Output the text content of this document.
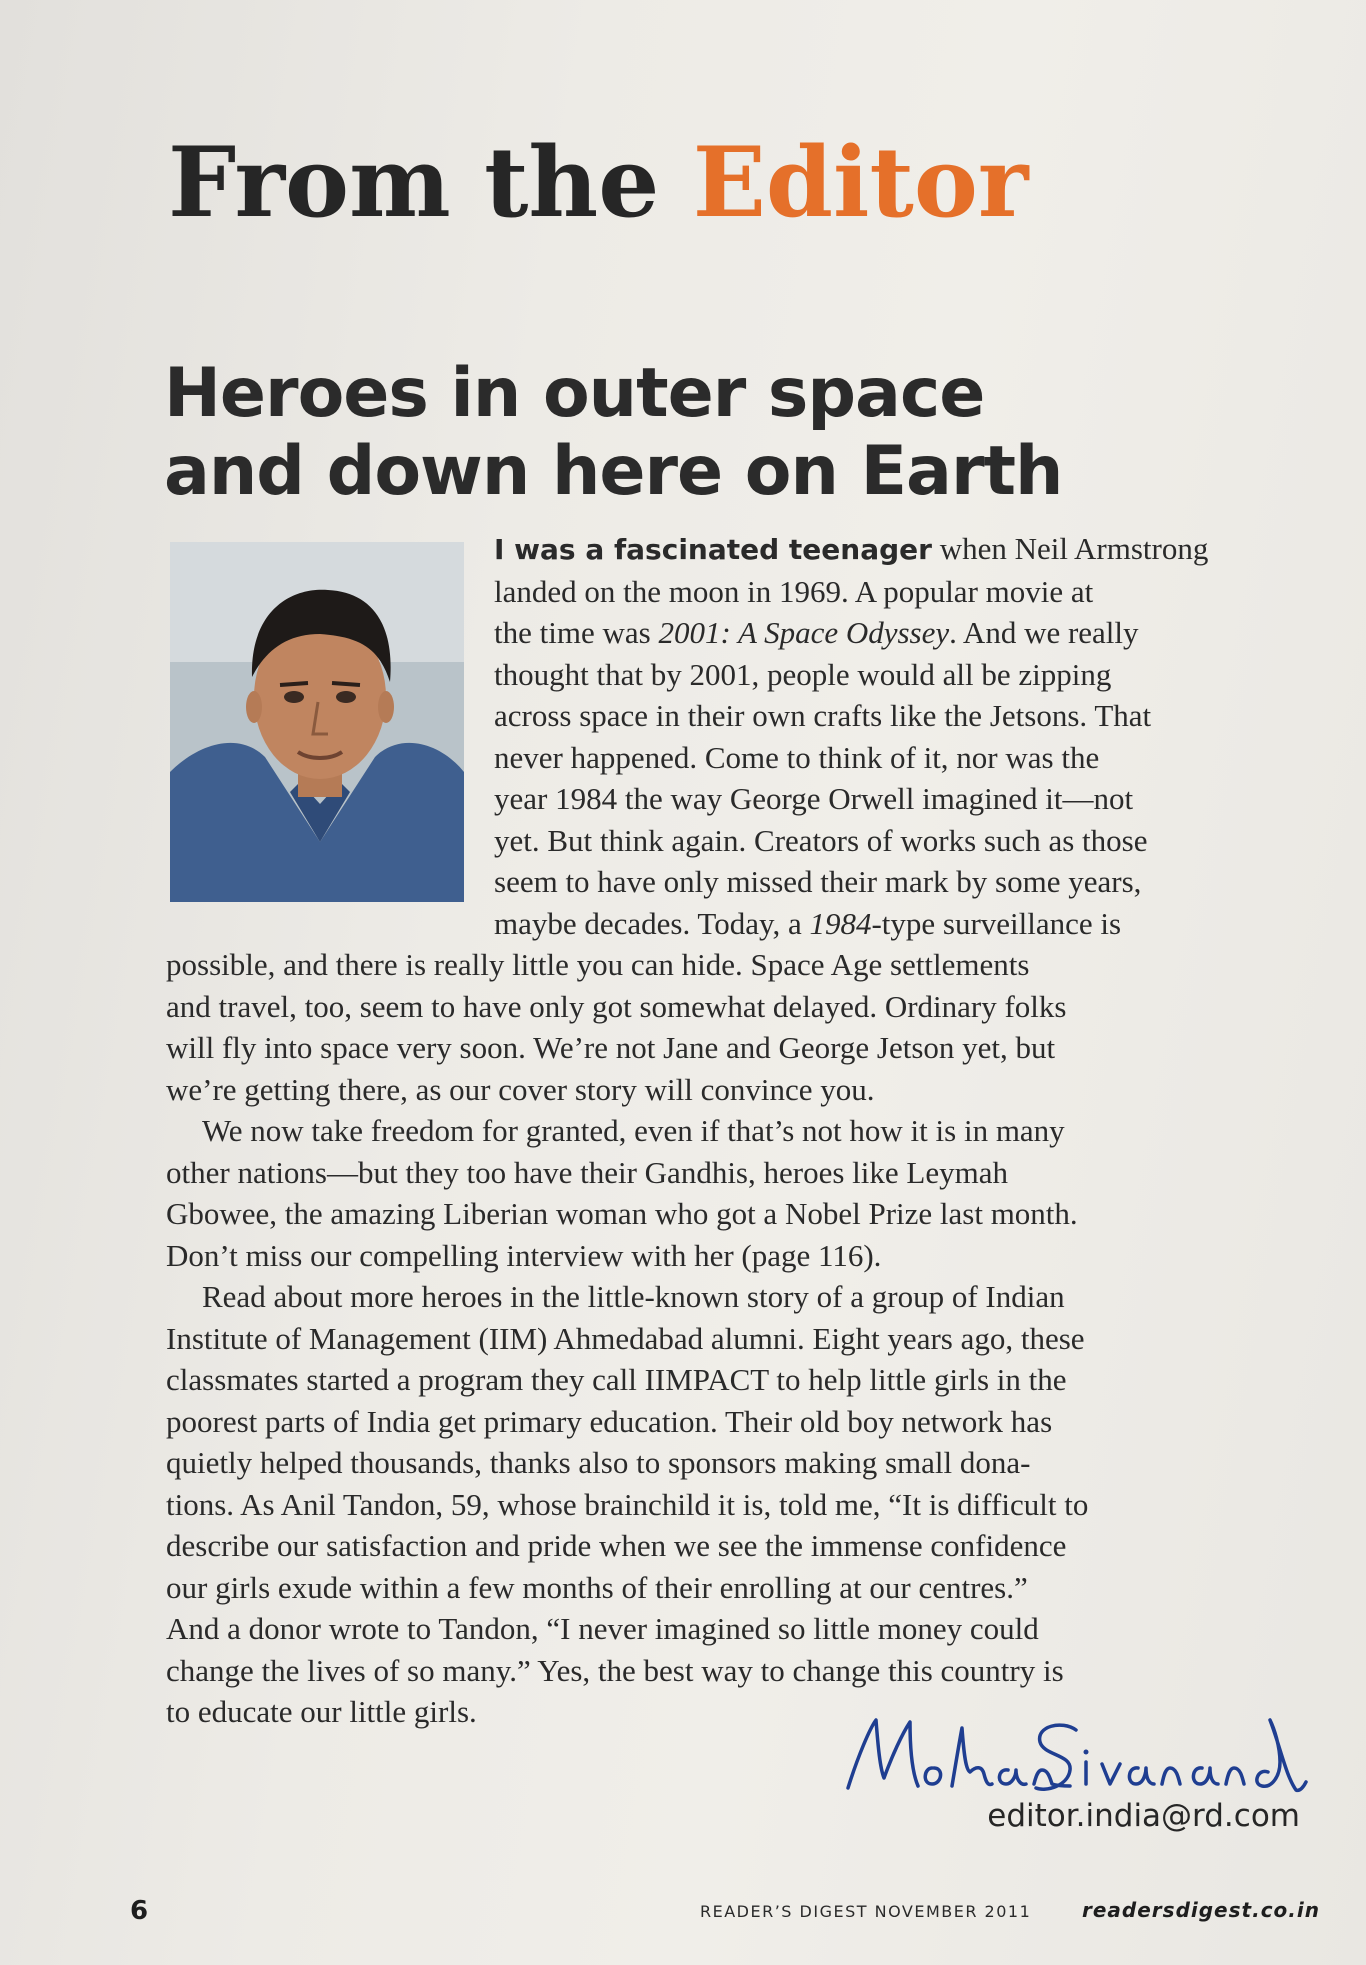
From the Editor
Heroes in outer space
and down here on Earth
I was a fascinated teenager when Neil Armstrong
landed on the moon in 1969. A popular movie at
the time was 2001: A Space Odyssey. And we really
thought that by 2001, people would all be zipping
across space in their own crafts like the Jetsons. That
never happened. Come to think of it, nor was the
year 1984 the way George Orwell imagined it—not
yet. But think again. Creators of works such as those
seem to have only missed their mark by some years,
maybe decades. Today, a 1984-type surveillance is
possible, and there is really little you can hide. Space Age settlements
and travel, too, seem to have only got somewhat delayed. Ordinary folks
will fly into space very soon. We’re not Jane and George Jetson yet, but
we’re getting there, as our cover story will convince you.
We now take freedom for granted, even if that’s not how it is in many
other nations—but they too have their Gandhis, heroes like Leymah
Gbowee, the amazing Liberian woman who got a Nobel Prize last month.
Don’t miss our compelling interview with her (page 116).
Read about more heroes in the little-known story of a group of Indian
Institute of Management (IIM) Ahmedabad alumni. Eight years ago, these
classmates started a program they call IIMPACT to help little girls in the
poorest parts of India get primary education. Their old boy network has
quietly helped thousands, thanks also to sponsors making small dona-
tions. As Anil Tandon, 59, whose brainchild it is, told me, “It is difficult to
describe our satisfaction and pride when we see the immense confidence
our girls exude within a few months of their enrolling at our centres.”
And a donor wrote to Tandon, “I never imagined so little money could
change the lives of so many.” Yes, the best way to change this country is
to educate our little girls.

editor.india@rd.com

6	READER’S DIGEST NOVEMBER 2011	readersdigest.co.in
